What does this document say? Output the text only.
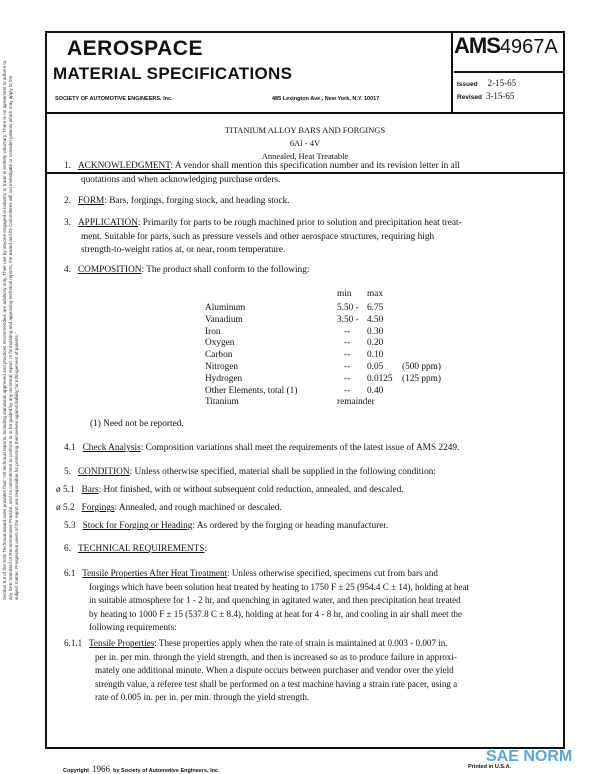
Section 8.3 of the SAE Technical Board rules provides that: "All technical reports, including standards approved and practices recommended, are advisory only. Their use by anyone engaged in industry or trade is entirely voluntary. There is no agreement to adhere to any SAE Standard or Recommended Practice, and no commitment to conform to or be guided by any technical report. In formulating and approving technical reports, the Board and its Committees will not investigate or consider patents which may apply to the subject matter. Prospective users of the report are responsible for protecting themselves against liability for infringement of patents."
AEROSPACE
MATERIAL SPECIFICATIONS
SOCIETY OF AUTOMOTIVE ENGINEERS, Inc.	485 Lexington Ave., New York, N.Y. 10017
AMS4967A
Issued 2-15-65
Revised 3-15-65
TITANIUM ALLOY BARS AND FORGINGS
6Al - 4V
Annealed, Heat Treatable
1. ACKNOWLEDGMENT: A vendor shall mention this specification number and its revision letter in all
quotations and when acknowledging purchase orders.
2. FORM: Bars, forgings, forging stock, and heading stock.
3. APPLICATION: Primarily for parts to be rough machined prior to solution and precipitation heat treat-
ment. Suitable for parts, such as pressure vessels and other aerospace structures, requiring high
strength-to-weight ratios at, or near, room temperature.
4. COMPOSITION: The product shall conform to the following:
min max
Aluminum	5.50 - 6.75
Vanadium	3.50 - 4.50
Iron	-- 0.30
Oxygen	-- 0.20
Carbon	-- 0.10
Nitrogen	-- 0.05 (500 ppm)
Hydrogen	-- 0.0125 (125 ppm)
Other Elements, total (1)	-- 0.40
Titanium	remainder
(1) Need not be reported.
4.1 Check Analysis: Composition variations shall meet the requirements of the latest issue of AMS 2249.
5. CONDITION: Unless otherwise specified, material shall be supplied in the following condition:
ø 5.1 Bars: Hot finished, with or without subsequent cold reduction, annealed, and descaled.
ø 5.2 Forgings: Annealed, and rough machined or descaled.
5.3 Stock for Forging or Heading: As ordered by the forging or heading manufacturer.
6. TECHNICAL REQUIREMENTS:
6.1 Tensile Properties After Heat Treatment: Unless otherwise specified, specimens cut from bars and
forgings which have been solution heat treated by heating to 1750 F ± 25 (954.4 C ± 14), holding at heat
in suitable atmosphere for 1 - 2 hr, and quenching in agitated water, and then precipitation heat treated
by heating to 1000 F ± 15 (537.8 C ± 8.4), holding at heat for 4 - 8 hr, and cooling in air shall meet the
following requirements:
6.1.1 Tensile Properties: These properties apply when the rate of strain is maintained at 0.003 - 0.007 in.
per in. per min. through the yield strength, and then is increased so as to produce failure in approxi-
mately one additional minute. When a dispute occurs between purchaser and vendor over the yield
strength value, a referee test shall be performed on a test machine having a strain rate pacer, using a
rate of 0.005 in. per in. per min. through the yield strength.
Copyright 1966 by Society of Automotive Engineers, Inc.
Printed in U.S.A.
SAE NORM
